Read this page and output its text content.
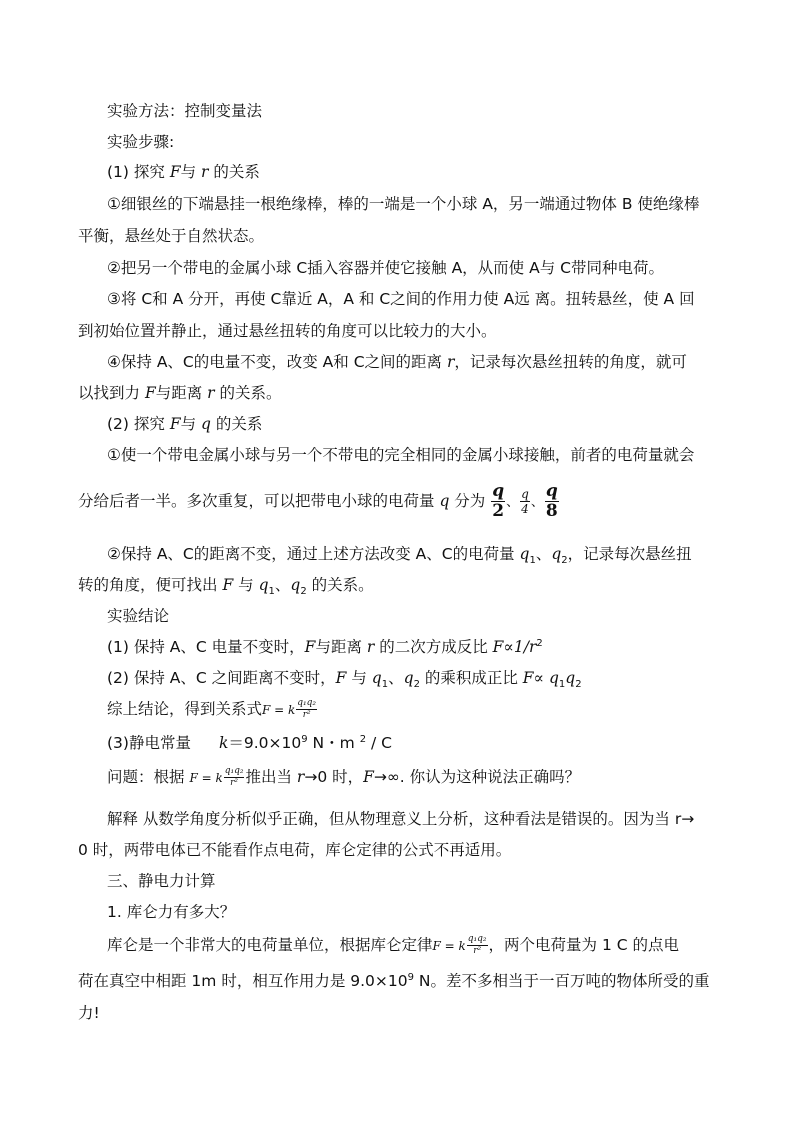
实验方法：控制变量法
实验步骤:
(1) 探究 F与 r 的关系
①细银丝的下端悬挂一根绝缘棒，棒的一端是一个小球 A，另一端通过物体 B 使绝缘棒
平衡，悬丝处于自然状态。
②把另一个带电的金属小球 C插入容器并使它接触 A，从而使 A与 C带同种电荷。
③将 C和 A 分开，再使 C靠近 A，A 和 C之间的作用力使 A远 离。扭转悬丝，使 A 回
到初始位置并静止，通过悬丝扭转的角度可以比较力的大小。
④保持 A、C的电量不变，改变 A和 C之间的距离 r，记录每次悬丝扭转的角度，就可
以找到力 F与距离 r 的关系。
(2) 探究 F与 q 的关系
①使一个带电金属小球与另一个不带电的完全相同的金属小球接触，前者的电荷量就会
分给后者一半。多次重复，可以把带电小球的电荷量 q 分为 $\frac{q}{2}$ 、 $\frac{q}{4}$ 、 $\frac{q}{8}$
②保持 A、C的距离不变，通过上述方法改变 A、C的电荷量 $q_1$、$q_2$，记录每次悬丝扭
转的角度，便可找出 F 与 $q_1$、$q_2$ 的关系。
实验结论
(1) 保持 A、C 电量不变时，F与距离 r 的二次方成反比 $F\propto 1/r^2$
(2) 保持 A、C 之间距离不变时，F 与 $q_1$、$q_2$ 的乘积成正比 $F\propto q_1q_2$
综上结论，得到关系式F = k $\frac{\text{q₁q₂}}{\text{r²}}$
(3)静电常量 $k=9.0\times 10^9$ N・m $^2$ / C
问题：根据 F = k $\frac{\text{q₁q₂}}{\text{r²}}$ 推出当 r→0 时，F→∞. 你认为这种说法正确吗？
解释 从数学角度分析似乎正确，但从物理意义上分析，这种看法是错误的。因为当 r→
0 时，两带电体已不能看作点电荷，库仑定律的公式不再适用。
三、静电力计算
1. 库仑力有多大？
库仑是一个非常大的电荷量单位，根据库仑定律F = k $\frac{\text{q₁q₂}}{\text{r²}}$ ，两个电荷量为 1 C 的点电
荷在真空中相距 1m 时，相互作用力是 $9.0\times 10^9$ N。差不多相当于一百万吨的物体所受的重
力!
